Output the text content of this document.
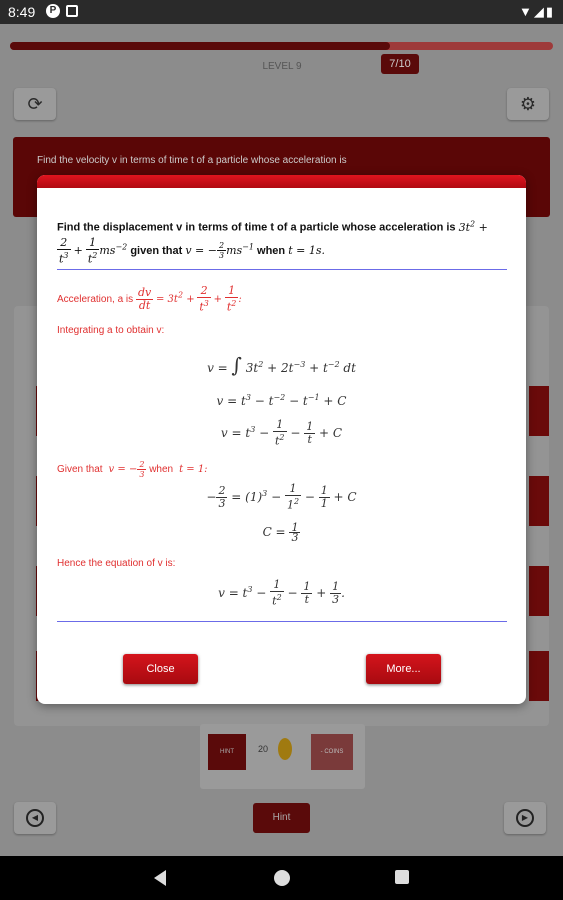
8:49	P	▼◢▮
LEVEL 9	7/10
⟳	⚙
Find the velocity v in terms of time t of a particle whose acceleration is
HINT	20	- COINS
◀	▶
Hint
Find the displacement v in terms of time t of a particle whose acceleration is $3t^2$ +

$\frac{2}{t^3} + \frac{1}{t^2} ms^{-2}$ given that v = − $\frac{2}{3} ms^{-1}$ when t = 1s.
Acceleration, a is $\frac{dv}{dt} = 3t^2 + \frac{2}{t^3} + \frac{1}{t^2}$ :
Integrating a to obtain v:
v = ∫ $3t^2 + 2t^{-3} + t^{-2}$ dt
$v = t^3 - t^{-2} - t^{-1} + C$
$v = t^3 - \frac{1}{t^2} - \frac{1}{t} + C$
Given that  v = − $\frac{2}{3}$ when  t = 1:
− $\frac{2}{3} = (1)^3 - \frac{1}{1^2} - \frac{1}{1} + C$
$C = \frac{1}{3}$
Hence the equation of v is:
$v = t^3 - \frac{1}{t^2} - \frac{1}{t} + \frac{1}{3}$ .
Close	More...
